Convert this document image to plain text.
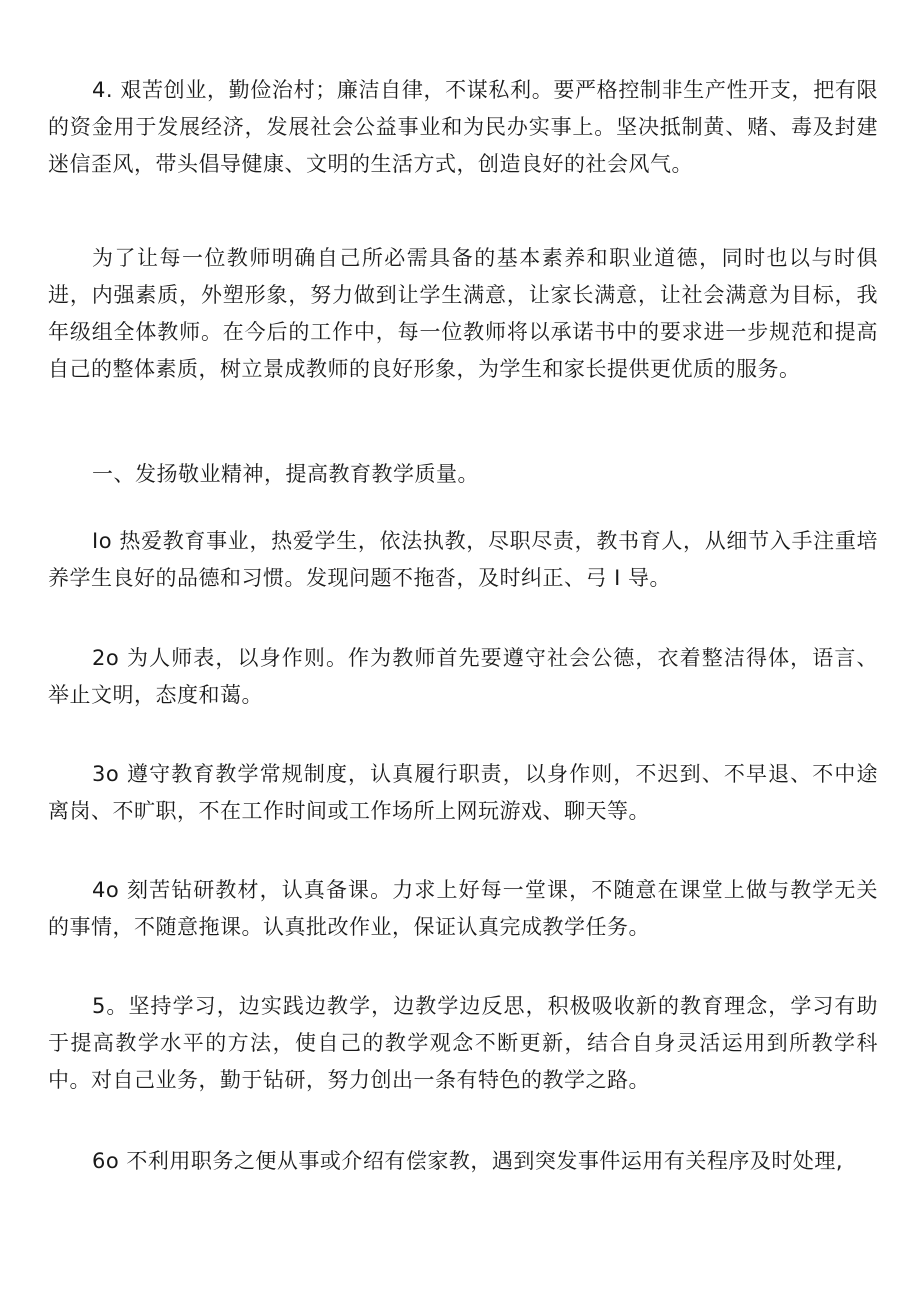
4. 艰苦创业，勤俭治村；廉洁自律，不谋私利。要严格控制非生产性开支，把有限的资金用于发展经济，发展社会公益事业和为民办实事上。坚决抵制黄、赌、毒及封建迷信歪风，带头倡导健康、文明的生活方式，创造良好的社会风气。

为了让每一位教师明确自己所必需具备的基本素养和职业道德，同时也以与时俱进，内强素质，外塑形象，努力做到让学生满意，让家长满意，让社会满意为目标，我年级组全体教师。在今后的工作中，每一位教师将以承诺书中的要求进一步规范和提高自己的整体素质，树立景成教师的良好形象，为学生和家长提供更优质的服务。

一、发扬敬业精神，提高教育教学质量。

Io 热爱教育事业，热爱学生，依法执教，尽职尽责，教书育人，从细节入手注重培养学生良好的品德和习惯。发现问题不拖沓，及时纠正、弓 I 导。

2o 为人师表，以身作则。作为教师首先要遵守社会公德，衣着整洁得体，语言、举止文明，态度和蔼。

3o 遵守教育教学常规制度，认真履行职责，以身作则，不迟到、不早退、不中途离岗、不旷职，不在工作时间或工作场所上网玩游戏、聊天等。

4o 刻苦钻研教材，认真备课。力求上好每一堂课，不随意在课堂上做与教学无关的事情，不随意拖课。认真批改作业，保证认真完成教学任务。

5。坚持学习，边实践边教学，边教学边反思，积极吸收新的教育理念，学习有助于提高教学水平的方法，使自己的教学观念不断更新，结合自身灵活运用到所教学科中。对自己业务，勤于钻研，努力创出一条有特色的教学之路。

6o 不利用职务之便从事或介绍有偿家教，遇到突发事件运用有关程序及时处理,
